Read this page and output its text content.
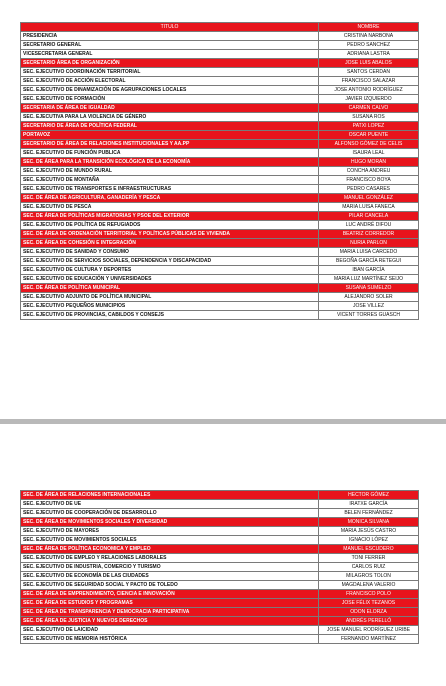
TITULO	NOMBRE
PRESIDENCIA	CRISTINA NARBONA
SECRETARIO GENERAL	PEDRO SANCHEZ
VICESECRETARIA GENERAL	ADRIANA LASTRA
SECRETARIO ÁREA DE ORGANIZACIÓN	JOSE LUIS ABALOS
SEC. EJECUTIVO COORDINACIÓN TERRITORIAL	SANTOS CERDAN
SEC. EJECUTIVO DE ACCIÓN ELECTORAL	FRANCISCO SALAZAR
SEC. EJECUTIVO DE DINAMIZACIÓN DE AGRUPACIONES LOCALES	JOSE ANTONIO RODRÍGUEZ
SEC. EJECUTIVO DE FORMACIÓN	JAVIER IZQUIERDO
SECRETARIA DE ÁREA DE IGUALDAD	CARMEN CALVO
SEC. EJECUTIVA PARA LA VIOLENCIA DE GÉNERO	SUSANA ROS
SECRETARIO DE ÁREA DE POLÍTICA FEDERAL	PATXI LOPEZ
PORTAVOZ	OSCAR PUENTE
SECRETARIO DE ÁREA DE RELACIONES INSTITUCIONALES Y AA.PP	ALFONSO GÓMEZ DE CELIS
SEC. EJECUTIVO DE FUNCIÓN PUBLICA	ISAURA LEAL
SEC. DE ÁREA PARA LA TRANSICIÓN ECOLÓGICA DE LA ECONOMÍA	HUGO MORAN
SEC. EJECUTIVO DE MUNDO RURAL	CONCHA ANDREU
SEC. EJECUTIVO DE MONTAÑA	FRANCISCO BOYA
SEC. EJECUTIVO DE TRANSPORTES E INFRAESTRUCTURAS	PEDRO CASARES
SEC. DE ÁREA DE AGRICULTURA, GANADERÍA Y PESCA	MANUEL GONZÁLEZ
SEC. EJECUTIVO DE PESCA	MARIA LUISA FANECA
SEC. DE ÁREA DE POLÍTICAS MIGRATORIAS Y PSOE DEL EXTERIOR	PILAR CANCELA
SEC. EJECUTIVO DE POLÍTICA DE REFUGIADOS	LUC ANDRÉ DIFOU
SEC. DE ÁREA DE ORDENACIÓN TERRITORIAL Y POLÍTICAS PÚBLICAS DE VIVIENDA	BEATRIZ CORREDOR
SEC. DE ÁREA DE COHESIÓN E INTEGRACIÓN	NURIA PARLON
SEC. EJECUTIVO DE SANIDAD Y CONSUMO	MARIA LUISA CARCEDO
SEC. EJECUTIVO DE SERVICIOS SOCIALES, DEPENDENCIA Y DISCAPACIDAD	BEGOÑA GARCÍA RETEGUI
SEC. EJECUTIVO DE CULTURA Y DEPORTES	IBAN GARCÍA
SEC. EJECUTIVO DE EDUCACIÓN Y UNIVERSIDADES	MARIA LUZ MARTÍNEZ SEIJO
SEC. DE ÁREA DE POLÍTICA MUNICIPAL	SUSANA SUMELZO
SEC. EJECUTIVO ADJUNTO DE POLÍTICA MUNICIPAL	ALEJANDRO SOLER
SEC. EJECUTIVO PEQUEÑOS MUNICIPIOS	JOSE VILLEZ
SEC. EJECUTIVO DE PROVINCIAS, CABILDOS Y CONSEJS	VICENT TORRES GUASCH
SEC. DE ÁREA DE RELACIONES INTERNACIONALES	HECTOR GÓMEZ
SEC. EJECUTIVO DE UE	IRATXE GARCÍA
SEC. EJECUTIVO DE COOPERACIÓN DE DESARROLLO	BELEN FERNÁNDEZ
SEC. DE ÁREA DE MOVIMIENTOS SOCIALES Y DIVERSIDAD	MONICA SILVANA
SEC. EJECUTIVO DE MAYORES	MARIA JESÚS CASTRO
SEC. EJECUTIVO DE MOVIMIENTOS SOCIALES	IGNACIO LÓPEZ
SEC. DE ÁREA DE POLÍTICA ECONOMICA Y EMPLEO	MANUEL ESCUDERO
SEC. EJECUTIVO DE EMPLEO Y RELACIONES LABORALES	TONI FERRER
SEC. EJECUTIVO DE INDUSTRIA, COMERCIO Y TURISMO	CARLOS RUIZ
SEC. EJECUTIVO DE ECONOMÍA DE LAS CIUDADES	MILAGROS TOLON
SEC. EJECUTIVO DE SEGURIDAD SOCIAL Y PACTO DE TOLEDO	MAGDALENA VALERIO
SEC. DE ÁREA DE EMPRENDIMIENTO, CIENCIA E INNOVACIÓN	FRANCISCO POLO
SEC. DE ÁREA DE ESTUDIOS Y PROGRAMAS	JOSE FÉLIX TEZANOS
SEC. DE ÁREA DE TRANSPARENCIA Y DEMOCRACIA PARTICIPATIVA	ODON ELORZA
SEC. DE ÁREA DE JUSTICIA Y NUEVOS DERECHOS	ANDRÉS PERELLÓ
SEC. EJECUTIVO DE LAICIDAD	JOSE MANUEL RODRÍGUEZ URIBE
SEC. EJECUTIVO DE MEMORIA HISTÓRICA	FERNANDO MARTÍNEZ
